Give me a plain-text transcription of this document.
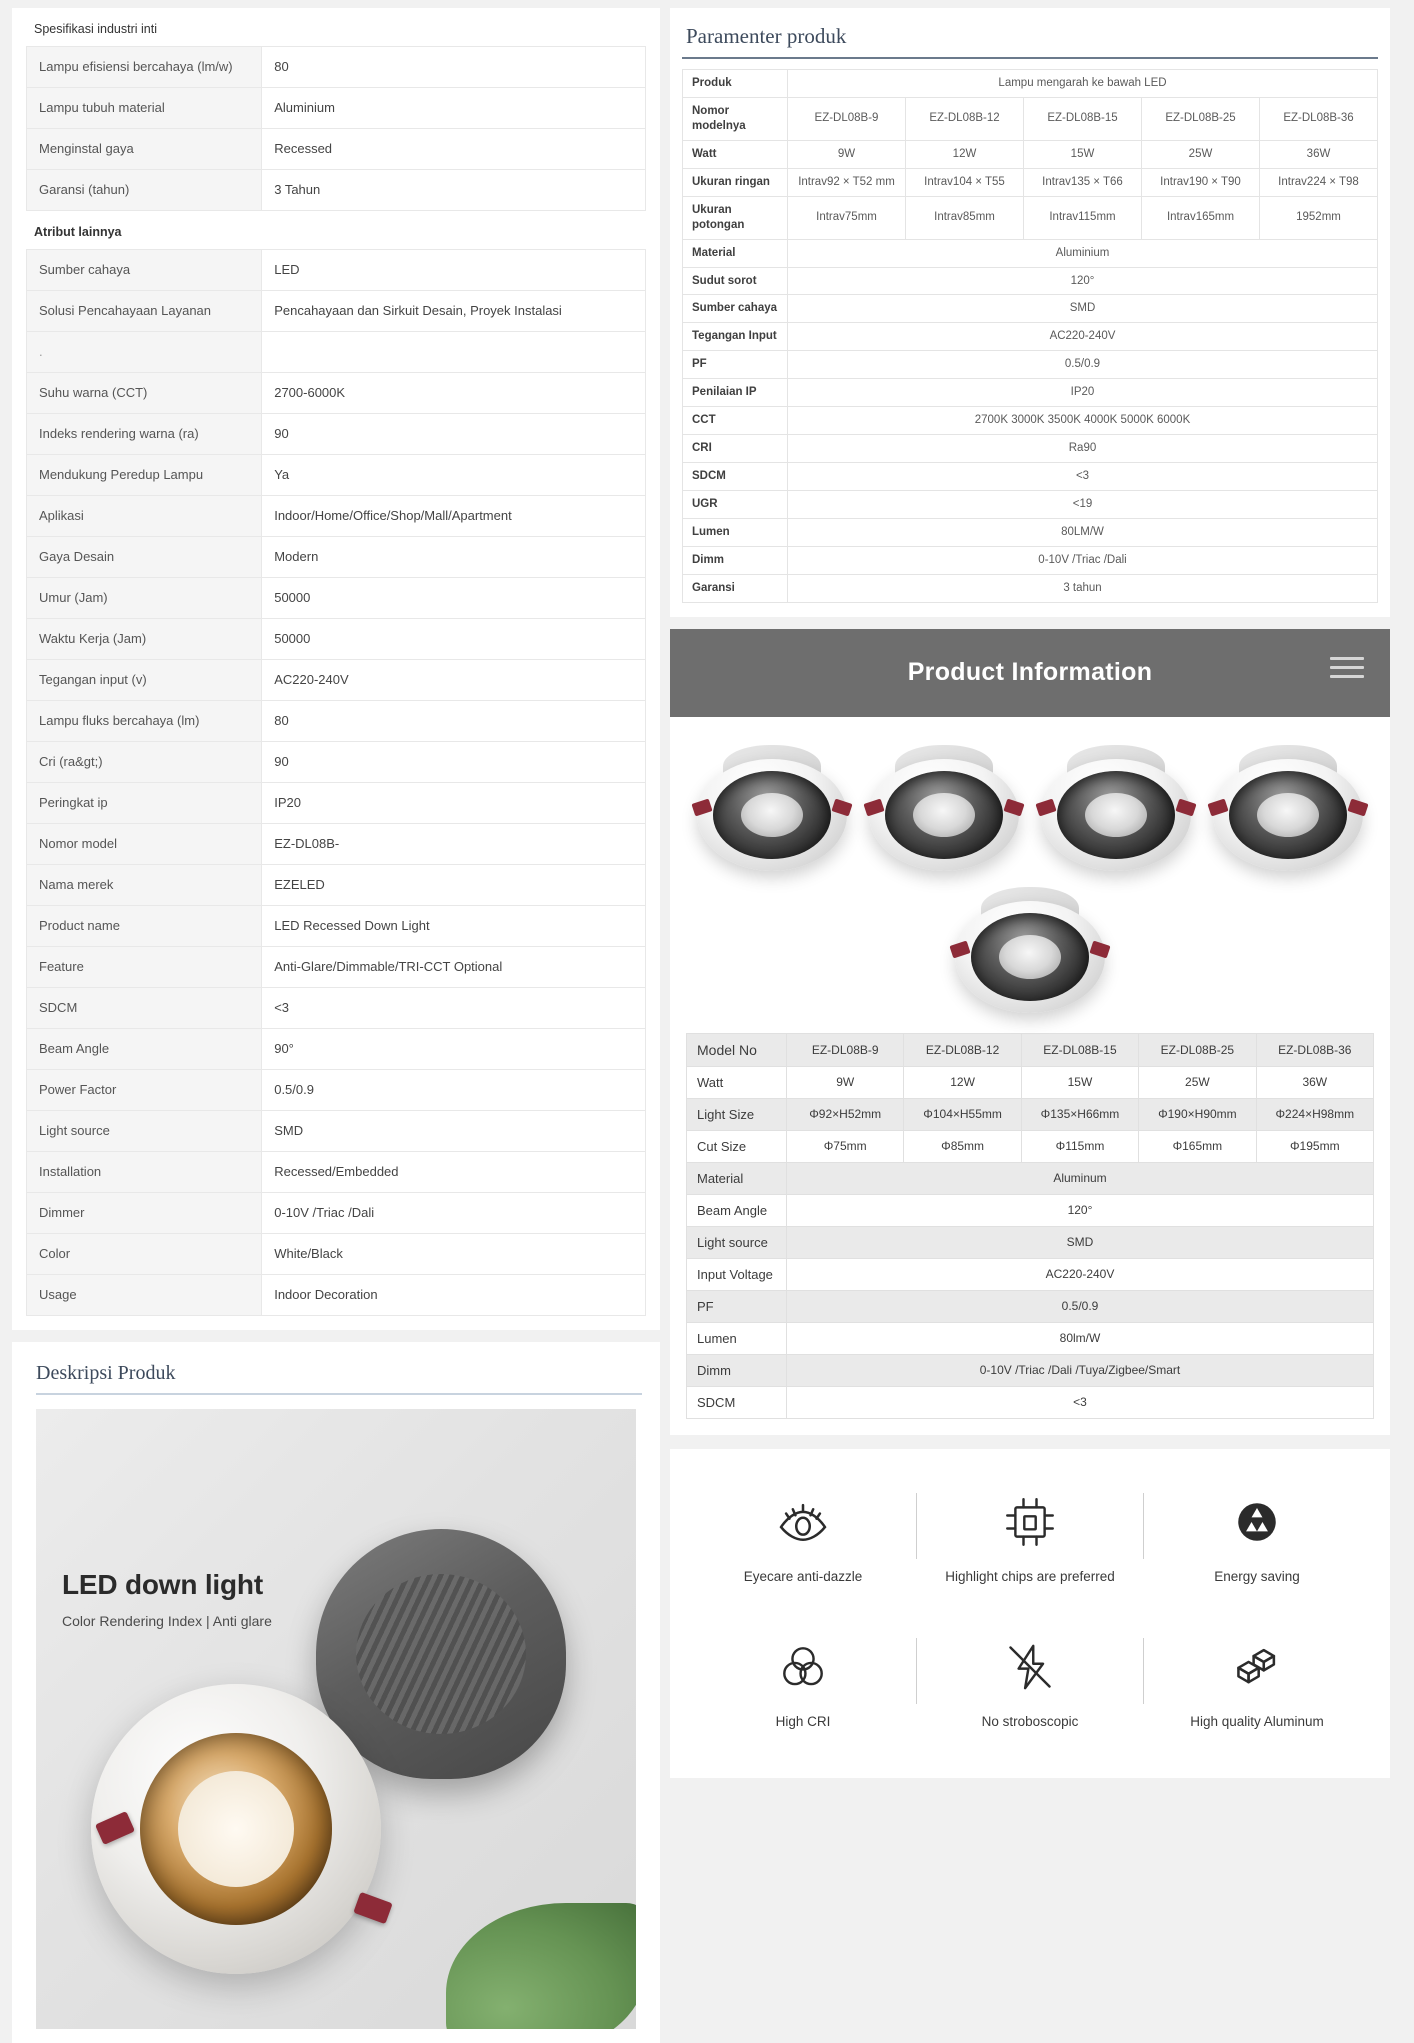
Spesifikasi industri inti
Lampu efisiensi bercahaya (lm/w)	80
Lampu tubuh material	Aluminium
Menginstal gaya	Recessed
Garansi (tahun)	3 Tahun
Atribut lainnya
Sumber cahaya	LED
Solusi Pencahayaan Layanan	Pencahayaan dan Sirkuit Desain, Proyek Instalasi
.	
Suhu warna (CCT)	2700-6000K
Indeks rendering warna (ra)	90
Mendukung Peredup Lampu	Ya
Aplikasi	Indoor/Home/Office/Shop/Mall/Apartment
Gaya Desain	Modern
Umur (Jam)	50000
Waktu Kerja (Jam)	50000
Tegangan input (v)	AC220-240V
Lampu fluks bercahaya (lm)	80
Cri (ra&gt;)	90
Peringkat ip	IP20
Nomor model	EZ-DL08B-
Nama merek	EZELED
Product name	LED Recessed Down Light
Feature	Anti-Glare/Dimmable/TRI-CCT Optional
SDCM	<3
Beam Angle	90°
Power Factor	0.5/0.9
Light source	SMD
Installation	Recessed/Embedded
Dimmer	0-10V /Triac /Dali
Color	White/Black
Usage	Indoor Decoration
Deskripsi Produk
LED down light

Color Rendering Index | Anti glare

Paramenter produk
Produk	Lampu mengarah ke bawah LED				
Nomor modelnya	EZ-DL08B-9	EZ-DL08B-12	EZ-DL08B-15	EZ-DL08B-25	EZ-DL08B-36
Watt	9W	12W	15W	25W	36W
Ukuran ringan	Intrav92 × T52 mm	Intrav104 × T55	Intrav135 × T66	Intrav190 × T90	Intrav224 × T98
Ukuran potongan	Intrav75mm	Intrav85mm	Intrav115mm	Intrav165mm	1952mm
Material	Aluminium				
Sudut sorot	120°				
Sumber cahaya	SMD				
Tegangan Input	AC220-240V				
PF	0.5/0.9				
Penilaian IP	IP20				
CCT	2700K 3000K 3500K 4000K 5000K 6000K				
CRI	Ra90				
SDCM	<3				
UGR	<19				
Lumen	80LM/W				
Dimm	0-10V /Triac /Dali				
Garansi	3 tahun				
Product Information
Model No	EZ-DL08B-9	EZ-DL08B-12	EZ-DL08B-15	EZ-DL08B-25	EZ-DL08B-36
Watt	9W	12W	15W	25W	36W
Light Size	Φ92×H52mm	Φ104×H55mm	Φ135×H66mm	Φ190×H90mm	Φ224×H98mm
Cut Size	Φ75mm	Φ85mm	Φ115mm	Φ165mm	Φ195mm
Material	Aluminum				
Beam Angle	120°				
Light source	SMD				
Input Voltage	AC220-240V				
PF	0.5/0.9				
Lumen	80lm/W				
Dimm	0-10V /Triac /Dali /Tuya/Zigbee/Smart				
SDCM	<3				
Eyecare anti-dazzle	Highlight chips are preferred	Energy saving
High CRI	No stroboscopic	High quality Aluminum
